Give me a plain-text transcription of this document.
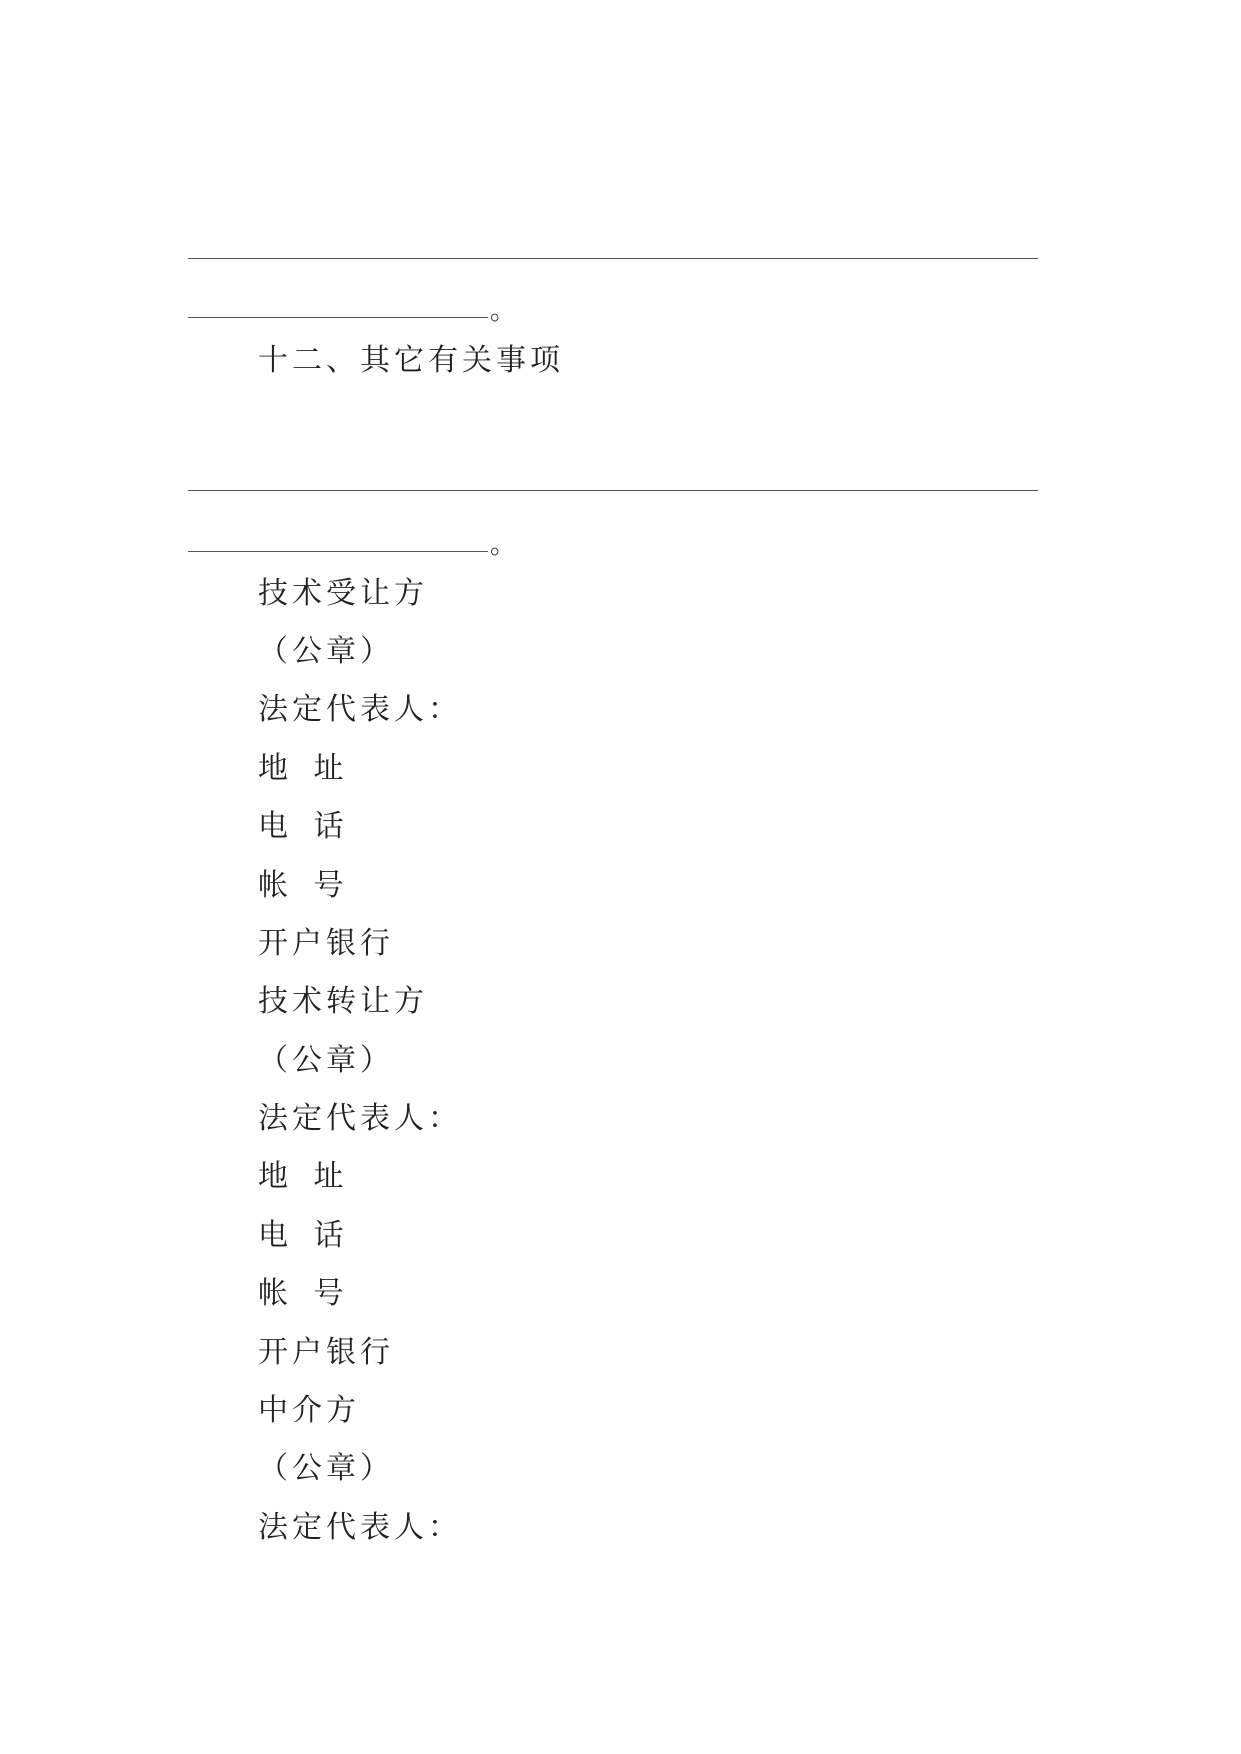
。
十二、其它有关事项
。
技术受让方
（公章）
法定代表人：
地 址
电 话
帐 号
开户银行
技术转让方
（公章）
法定代表人：
地 址
电 话
帐 号
开户银行
中介方
（公章）
法定代表人：
